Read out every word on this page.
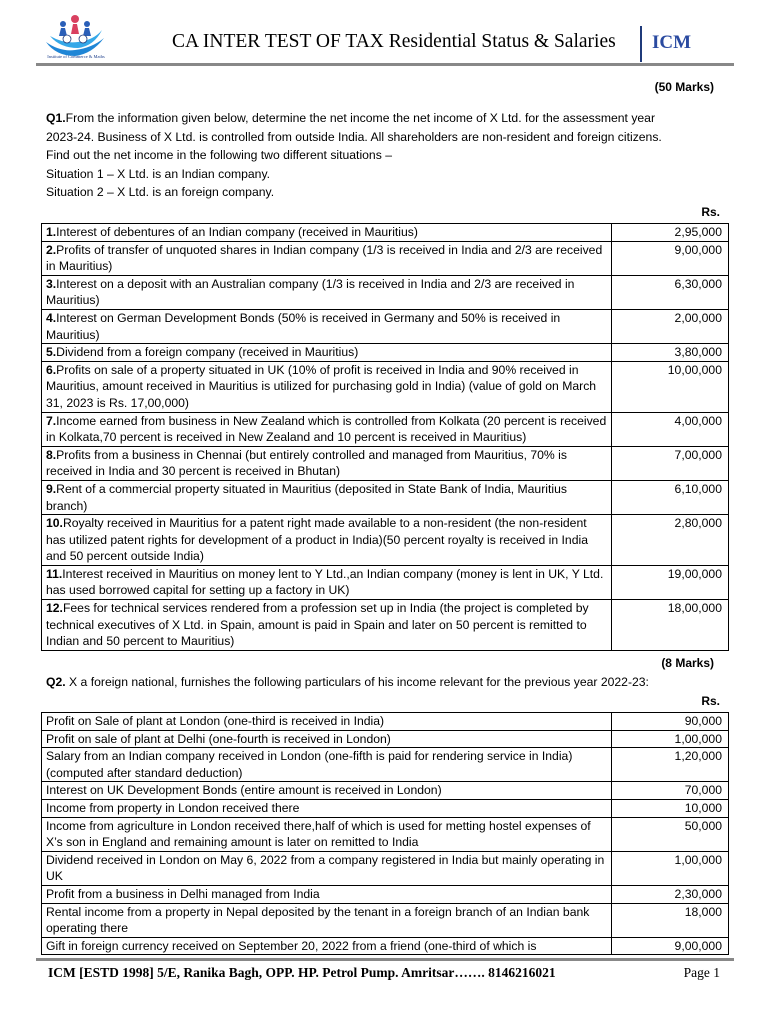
Institute of Commerce & Maths
CA INTER TEST OF TAX Residential Status & Salaries ICM
(50 Marks)
Q1.From the information given below, determine the net income the net income of X Ltd. for the assessment year
2023-24. Business of X Ltd. is controlled from outside India. All shareholders are non-resident and foreign citizens.
Find out the net income in the following two different situations –
Situation 1 – X Ltd. is an Indian company.
Situation 2 – X Ltd. is an foreign company.
Rs.
1.Interest of debentures of an Indian company (received in Mauritius)	2,95,000
2.Profits of transfer of unquoted shares in Indian company (1/3 is received in India and 2/3 are received in Mauritius)	9,00,000
3.Interest on a deposit with an Australian company (1/3 is received in India and 2/3 are received in Mauritius)	6,30,000
4.Interest on German Development Bonds (50% is received in Germany and 50% is received in Mauritius)	2,00,000
5.Dividend from a foreign company (received in Mauritius)	3,80,000
6.Profits on sale of a property situated in UK (10% of profit is received in India and 90% received in Mauritius, amount received in Mauritius is utilized for purchasing gold in India) (value of gold on March 31, 2023 is Rs. 17,00,000)	10,00,000
7.Income earned from business in New Zealand which is controlled from Kolkata (20 percent is received in Kolkata,70 percent is received in New Zealand and 10 percent is received in Mauritius)	4,00,000
8.Profits from a business in Chennai (but entirely controlled and managed from Mauritius, 70% is received in India and 30 percent is received in Bhutan)	7,00,000
9.Rent of a commercial property situated in Mauritius (deposited in State Bank of India, Mauritius branch)	6,10,000
10.Royalty received in Mauritius for a patent right made available to a non-resident (the non-resident has utilized patent rights for development of a product in India)(50 percent royalty is received in India and 50 percent outside India)	2,80,000
11.Interest received in Mauritius on money lent to Y Ltd.,an Indian company (money is lent in UK, Y Ltd. has used borrowed capital for setting up a factory in UK)	19,00,000
12.Fees for technical services rendered from a profession set up in India (the project is completed by technical executives of X Ltd. in Spain, amount is paid in Spain and later on 50 percent is remitted to Indian and 50 percent to Mauritius)	18,00,000
(8 Marks)
Q2. X a foreign national, furnishes the following particulars of his income relevant for the previous year 2022-23:
Rs.
Profit on Sale of plant at London (one-third is received in India)	90,000
Profit on sale of plant at Delhi (one-fourth is received in London)	1,00,000
Salary from an Indian company received in London (one-fifth is paid for rendering service in India) (computed after standard deduction)	1,20,000
Interest on UK Development Bonds (entire amount is received in London)	70,000
Income from property in London received there	10,000
Income from agriculture in London received there,half of which is used for metting hostel expenses of X’s son in England and remaining amount is later on remitted to India	50,000
Dividend received in London on May 6, 2022 from a company registered in India but mainly operating in UK	1,00,000
Profit from a business in Delhi managed from India	2,30,000
Rental income from a property in Nepal deposited by the tenant in a foreign branch of an Indian bank operating there	18,000
Gift in foreign currency received on September 20, 2022 from a friend (one-third of which is	9,00,000
ICM [ESTD 1998] 5/E, Ranika Bagh, OPP. HP. Petrol Pump. Amritsar……. 8146216021	Page 1
